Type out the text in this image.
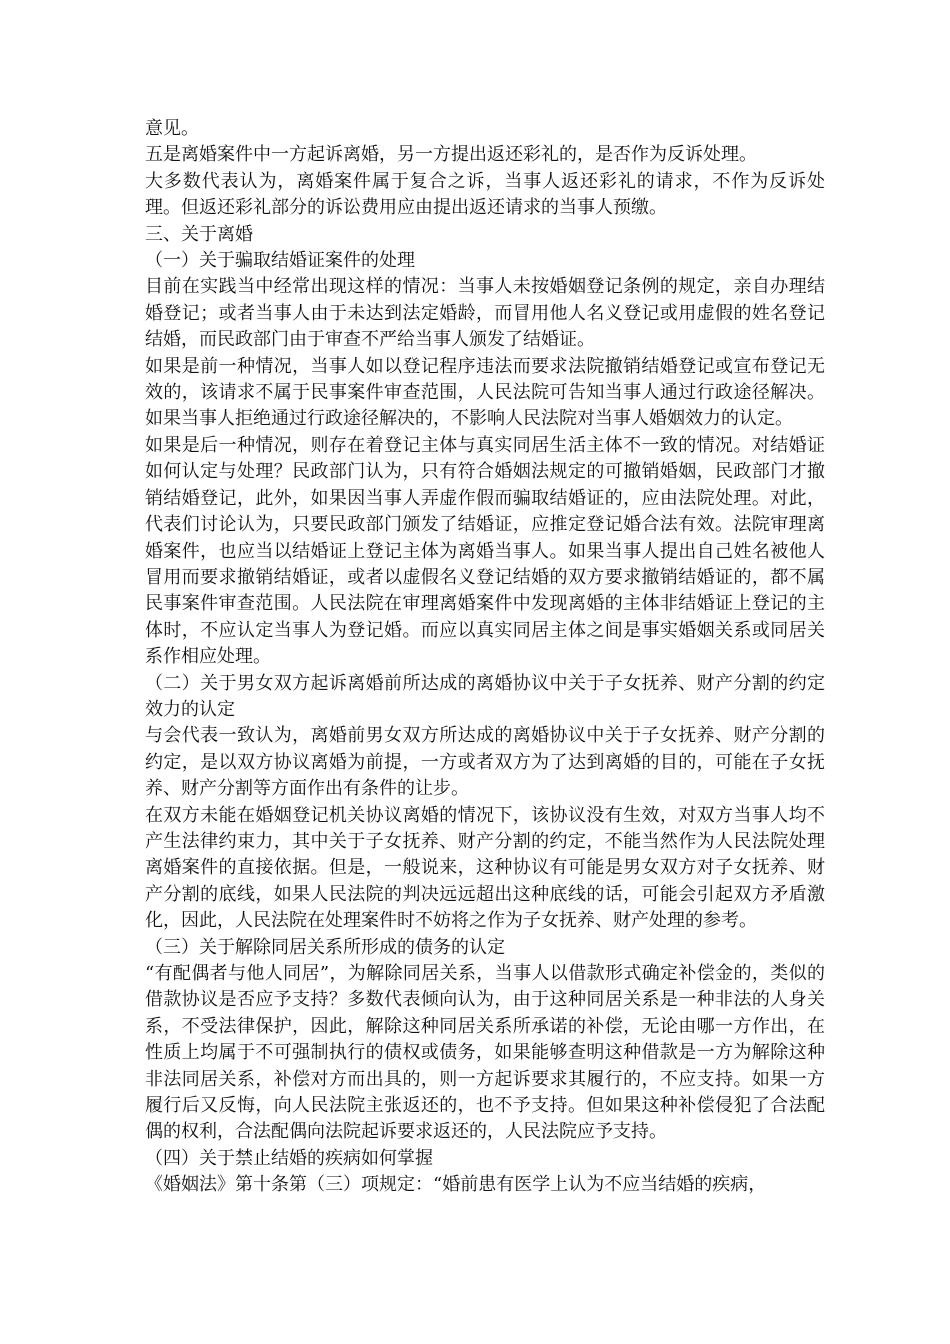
意见。

五是离婚案件中一方起诉离婚，另一方提出返还彩礼的，是否作为反诉处理。

大多数代表认为，离婚案件属于复合之诉，当事人返还彩礼的请求，不作为反诉处理。但返还彩礼部分的诉讼费用应由提出返还请求的当事人预缴。

三、关于离婚

（一）关于骗取结婚证案件的处理

目前在实践当中经常出现这样的情况：当事人未按婚姻登记条例的规定，亲自办理结婚登记；或者当事人由于未达到法定婚龄，而冒用他人名义登记或用虚假的姓名登记结婚，而民政部门由于审查不严给当事人颁发了结婚证。

如果是前一种情况，当事人如以登记程序违法而要求法院撤销结婚登记或宣布登记无效的，该请求不属于民事案件审查范围，人民法院可告知当事人通过行政途径解决。如果当事人拒绝通过行政途径解决的，不影响人民法院对当事人婚姻效力的认定。

如果是后一种情况，则存在着登记主体与真实同居生活主体不一致的情况。对结婚证如何认定与处理？民政部门认为，只有符合婚姻法规定的可撤销婚姻，民政部门才撤销结婚登记，此外，如果因当事人弄虚作假而骗取结婚证的，应由法院处理。对此，代表们讨论认为，只要民政部门颁发了结婚证，应推定登记婚合法有效。法院审理离婚案件，也应当以结婚证上登记主体为离婚当事人。如果当事人提出自己姓名被他人冒用而要求撤销结婚证，或者以虚假名义登记结婚的双方要求撤销结婚证的，都不属民事案件审查范围。人民法院在审理离婚案件中发现离婚的主体非结婚证上登记的主体时，不应认定当事人为登记婚。而应以真实同居主体之间是事实婚姻关系或同居关系作相应处理。

（二）关于男女双方起诉离婚前所达成的离婚协议中关于子女抚养、财产分割的约定效力的认定

与会代表一致认为，离婚前男女双方所达成的离婚协议中关于子女抚养、财产分割的约定，是以双方协议离婚为前提，一方或者双方为了达到离婚的目的，可能在子女抚养、财产分割等方面作出有条件的让步。

在双方未能在婚姻登记机关协议离婚的情况下，该协议没有生效，对双方当事人均不产生法律约束力，其中关于子女抚养、财产分割的约定，不能当然作为人民法院处理离婚案件的直接依据。但是，一般说来，这种协议有可能是男女双方对子女抚养、财产分割的底线，如果人民法院的判决远远超出这种底线的话，可能会引起双方矛盾激化，因此，人民法院在处理案件时不妨将之作为子女抚养、财产处理的参考。

（三）关于解除同居关系所形成的债务的认定

“有配偶者与他人同居”，为解除同居关系，当事人以借款形式确定补偿金的，类似的借款协议是否应予支持？多数代表倾向认为，由于这种同居关系是一种非法的人身关系，不受法律保护，因此，解除这种同居关系所承诺的补偿，无论由哪一方作出，在性质上均属于不可强制执行的债权或债务，如果能够查明这种借款是一方为解除这种非法同居关系，补偿对方而出具的，则一方起诉要求其履行的，不应支持。如果一方履行后又反悔，向人民法院主张返还的，也不予支持。但如果这种补偿侵犯了合法配偶的权利，合法配偶向法院起诉要求返还的，人民法院应予支持。

（四）关于禁止结婚的疾病如何掌握

《婚姻法》第十条第（三）项规定：“婚前患有医学上认为不应当结婚的疾病，
